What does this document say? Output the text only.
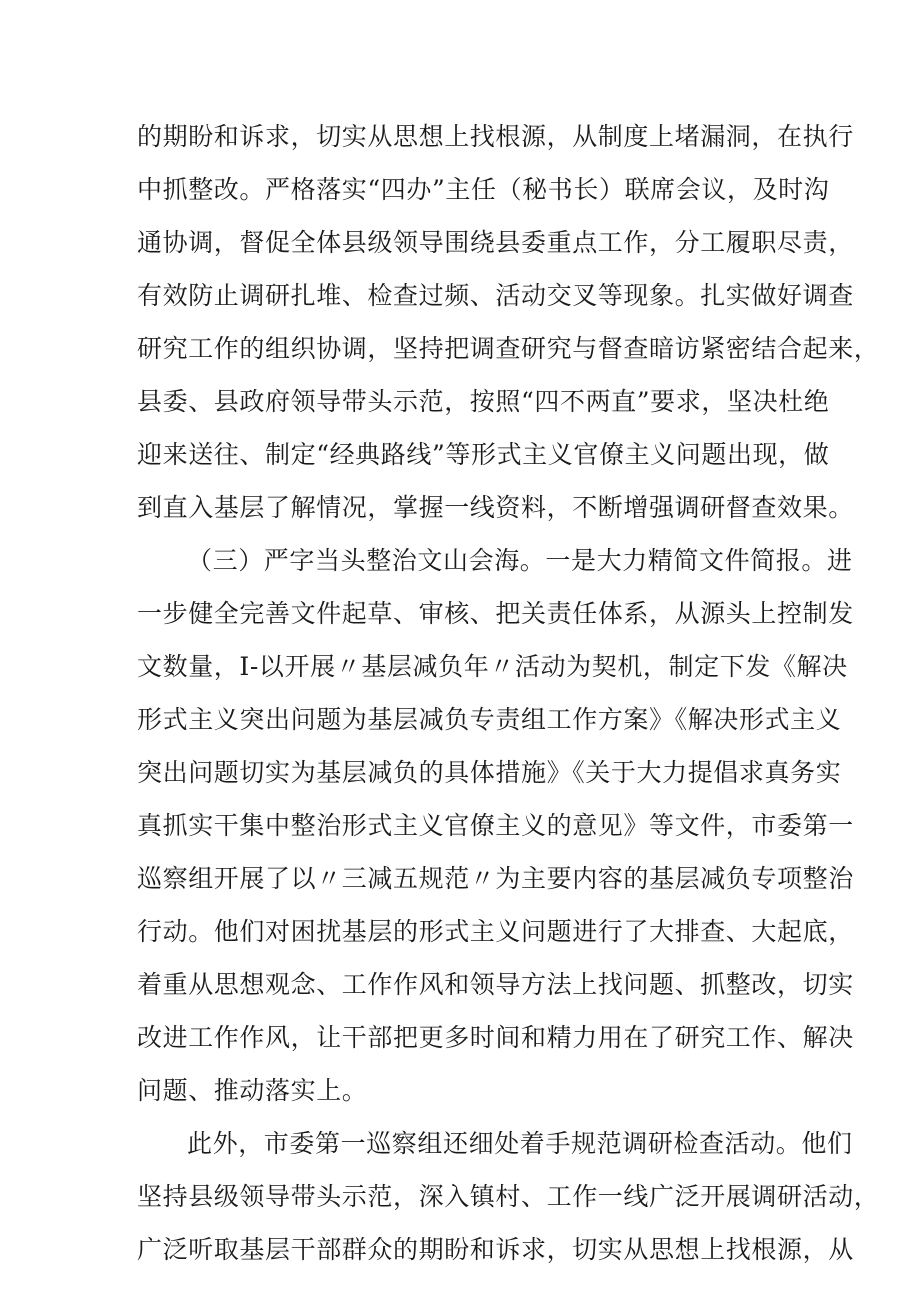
的期盼和诉求，切实从思想上找根源，从制度上堵漏洞，在执行
中抓整改。严格落实“四办”主任（秘书长）联席会议，及时沟
通协调，督促全体县级领导围绕县委重点工作，分工履职尽责，
有效防止调研扎堆、检查过频、活动交叉等现象。扎实做好调查
研究工作的组织协调，坚持把调查研究与督查暗访紧密结合起来，
县委、县政府领导带头示范，按照“四不两直”要求，坚决杜绝
迎来送往、制定“经典路线”等形式主义官僚主义问题出现，做
到直入基层了解情况，掌握一线资料，不断增强调研督查效果。
（三）严字当头整治文山会海。一是大力精简文件简报。进
一步健全完善文件起草、审核、把关责任体系，从源头上控制发
文数量，I-以开展〃基层减负年〃活动为契机，制定下发《解决
形式主义突出问题为基层减负专责组工作方案》《解决形式主义
突出问题切实为基层减负的具体措施》《关于大力提倡求真务实
真抓实干集中整治形式主义官僚主义的意见》等文件，市委第一
巡察组开展了以〃三减五规范〃为主要内容的基层减负专项整治
行动。他们对困扰基层的形式主义问题进行了大排查、大起底，
着重从思想观念、工作作风和领导方法上找问题、抓整改，切实
改进工作作风，让干部把更多时间和精力用在了研究工作、解决
问题、推动落实上。
此外，市委第一巡察组还细处着手规范调研检查活动。他们
坚持县级领导带头示范，深入镇村、工作一线广泛开展调研活动，
广泛听取基层干部群众的期盼和诉求，切实从思想上找根源，从
